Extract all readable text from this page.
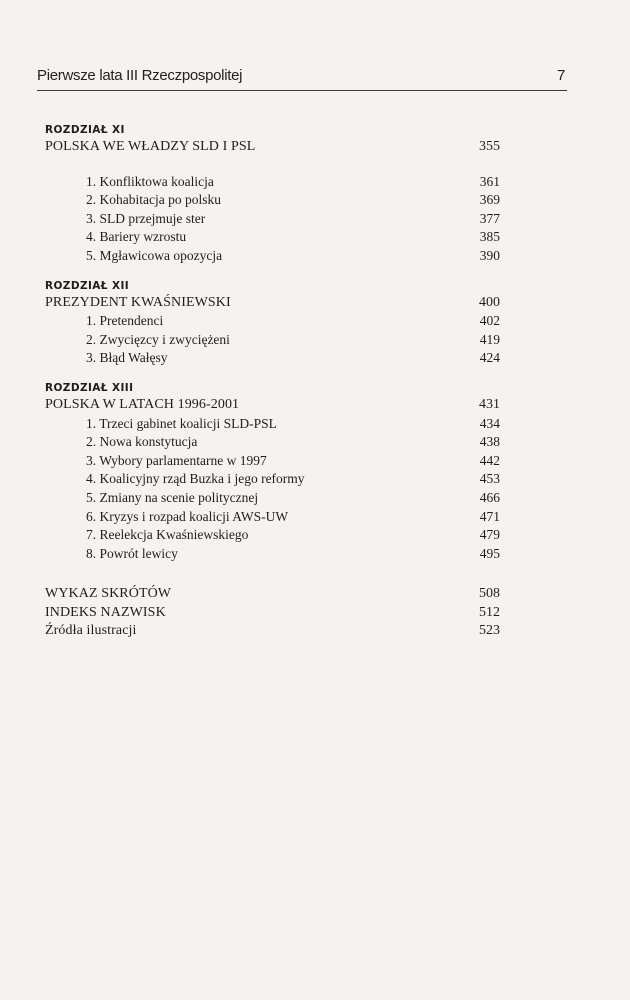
Pierwsze lata III Rzeczpospolitej	7
ROZDZIAŁ XI
POLSKA WE WŁADZY SLD I PSL	355
1. Konfliktowa koalicja	361
2. Kohabitacja po polsku	369
3. SLD przejmuje ster	377
4. Bariery wzrostu	385
5. Mgławicowa opozycja	390
ROZDZIAŁ XII
PREZYDENT KWAŚNIEWSKI	400
1. Pretendenci	402
2. Zwycięzcy i zwyciężeni	419
3. Błąd Wałęsy	424
ROZDZIAŁ XIII
POLSKA W LATACH 1996-2001	431
1. Trzeci gabinet koalicji SLD-PSL	434
2. Nowa konstytucja	438
3. Wybory parlamentarne w 1997	442
4. Koalicyjny rząd Buzka i jego reformy	453
5. Zmiany na scenie politycznej	466
6. Kryzys i rozpad koalicji AWS-UW	471
7. Reelekcja Kwaśniewskiego	479
8. Powrót lewicy	495
WYKAZ SKRÓTÓW	508
INDEKS NAZWISK	512
Źródła ilustracji	523
